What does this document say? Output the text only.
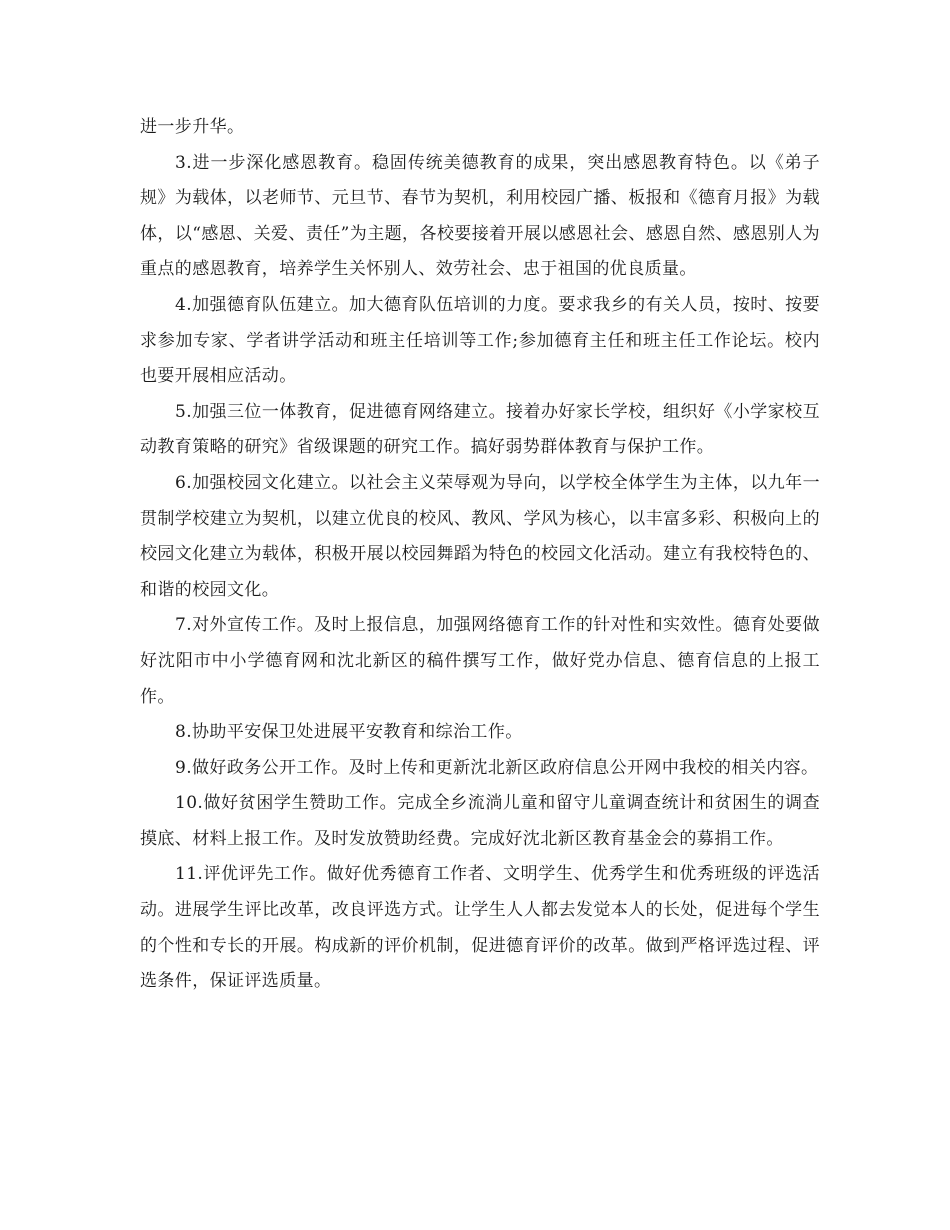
进一步升华。

3.进一步深化感恩教育。稳固传统美德教育的成果，突出感恩教育特色。以《弟子规》为载体，以老师节、元旦节、春节为契机，利用校园广播、板报和《德育月报》为载体，以“感恩、关爱、责任”为主题，各校要接着开展以感恩社会、感恩自然、感恩别人为重点的感恩教育，培养学生关怀别人、效劳社会、忠于祖国的优良质量。

4.加强德育队伍建立。加大德育队伍培训的力度。要求我乡的有关人员，按时、按要求参加专家、学者讲学活动和班主任培训等工作;参加德育主任和班主任工作论坛。校内也要开展相应活动。

5.加强三位一体教育，促进德育网络建立。接着办好家长学校，组织好《小学家校互动教育策略的研究》省级课题的研究工作。搞好弱势群体教育与保护工作。

6.加强校园文化建立。以社会主义荣辱观为导向，以学校全体学生为主体，以九年一贯制学校建立为契机，以建立优良的校风、教风、学风为核心，以丰富多彩、积极向上的校园文化建立为载体，积极开展以校园舞蹈为特色的校园文化活动。建立有我校特色的、和谐的校园文化。

7.对外宣传工作。及时上报信息，加强网络德育工作的针对性和实效性。德育处要做好沈阳市中小学德育网和沈北新区的稿件撰写工作，做好党办信息、德育信息的上报工作。

8.协助平安保卫处进展平安教育和综治工作。

9.做好政务公开工作。及时上传和更新沈北新区政府信息公开网中我校的相关内容。

10.做好贫困学生赞助工作。完成全乡流淌儿童和留守儿童调查统计和贫困生的调查摸底、材料上报工作。及时发放赞助经费。完成好沈北新区教育基金会的募捐工作。

11.评优评先工作。做好优秀德育工作者、文明学生、优秀学生和优秀班级的评选活动。进展学生评比改革，改良评选方式。让学生人人都去发觉本人的长处，促进每个学生的个性和专长的开展。构成新的评价机制，促进德育评价的改革。做到严格评选过程、评选条件，保证评选质量。
